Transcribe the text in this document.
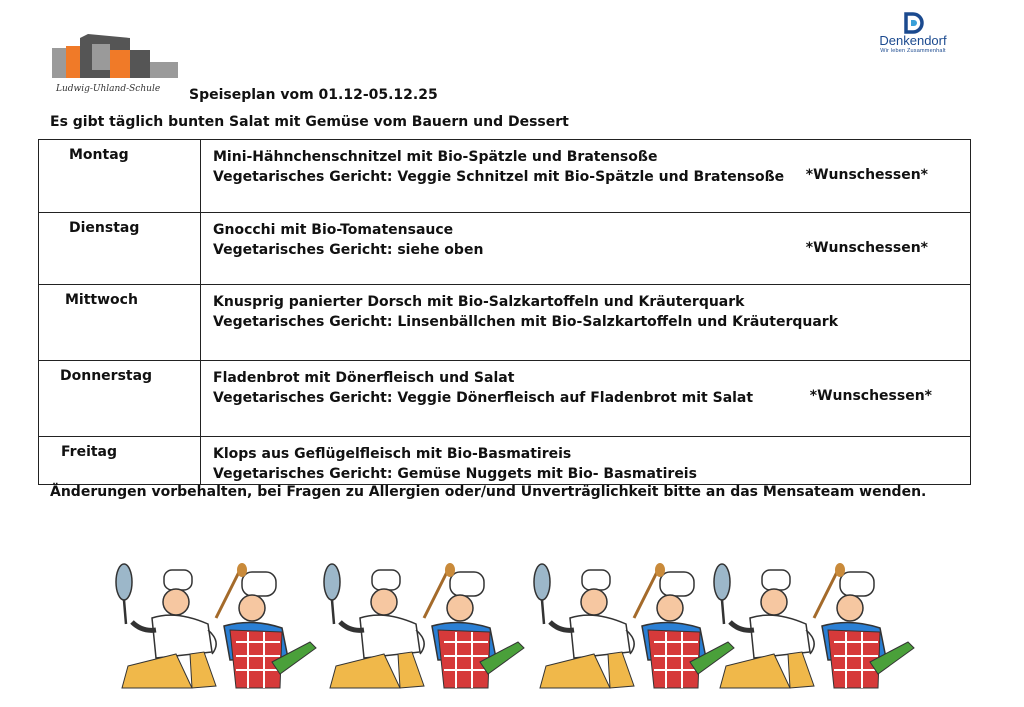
Ludwig-Uhland-Schule
Denkendorf
Wir leben Zusammenhalt
Speiseplan vom 01.12-05.12.25
Es gibt täglich bunten Salat mit Gemüse vom Bauern und Dessert
Montag	Mini-Hähnchenschnitzel mit Bio-Spätzle und Bratensoße
Vegetarisches Gericht: Veggie Schnitzel mit Bio-Spätzle und Bratensoße *Wunschessen*

Dienstag	Gnocchi mit Bio-Tomatensauce
Vegetarisches Gericht: siehe oben *Wunschessen*

Mittwoch	Knusprig panierter Dorsch mit Bio-Salzkartoffeln und Kräuterquark
Vegetarisches Gericht: Linsenbällchen mit Bio-Salzkartoffeln und Kräuterquark

Donnerstag	Fladenbrot mit Dönerfleisch und Salat
Vegetarisches Gericht: Veggie Dönerfleisch auf Fladenbrot mit Salat *Wunschessen*

Freitag	Klops aus Geflügelfleisch mit Bio-Basmatireis
Vegetarisches Gericht: Gemüse Nuggets mit Bio- Basmatireis
Änderungen vorbehalten, bei Fragen zu Allergien oder/und Unverträglichkeit bitte an das Mensateam wenden.
